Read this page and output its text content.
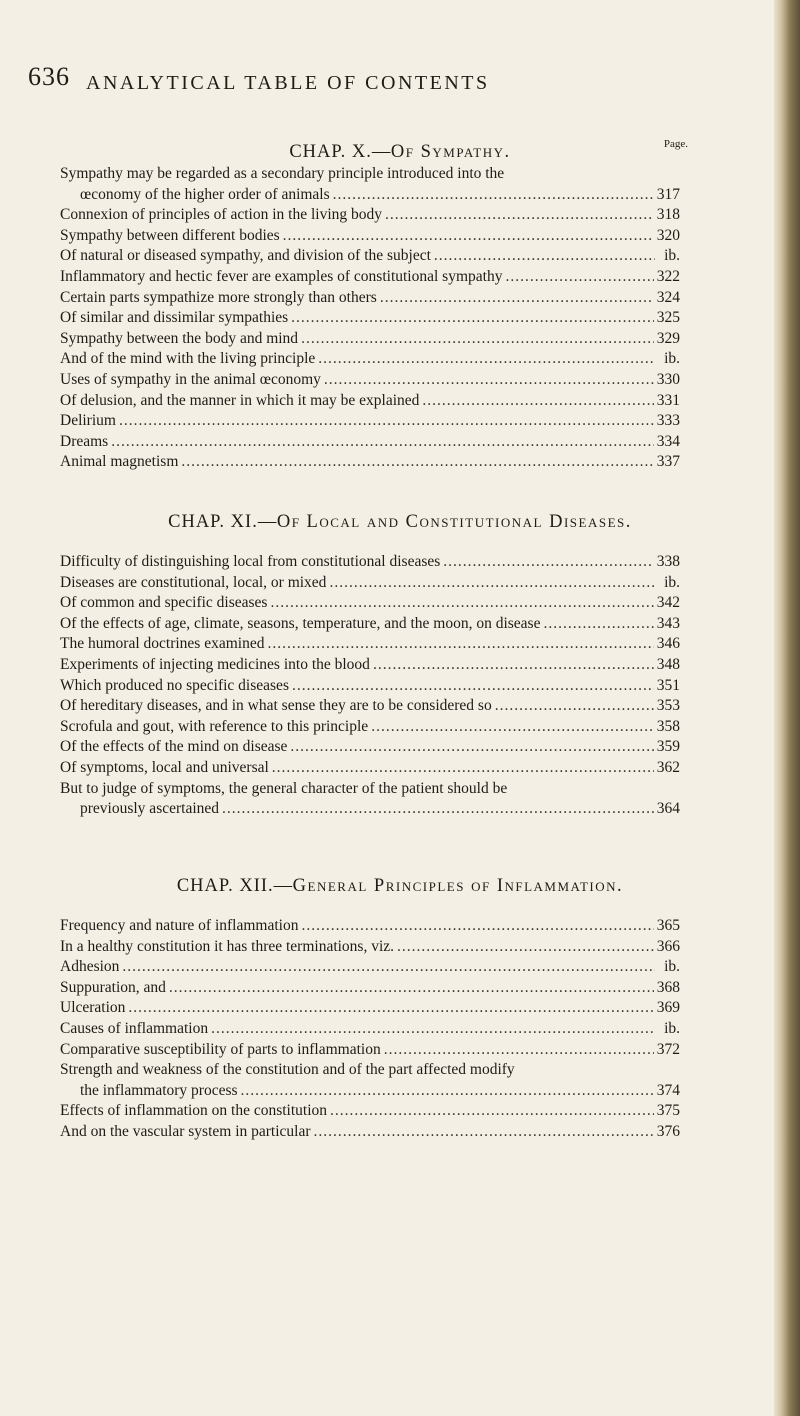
636 ANALYTICAL TABLE OF CONTENTS
CHAP. X.—Of Sympathy.	Page.
Sympathy may be regarded as a secondary principle introduced into the
œconomy of the higher order of animals .....	317
Connexion of principles of action in the living body .....	318
Sympathy between different bodies .....	320
Of natural or diseased sympathy, and division of the subject .....	ib.
Inflammatory and hectic fever are examples of constitutional sympathy .....	322
Certain parts sympathize more strongly than others .....	324
Of similar and dissimilar sympathies .....	325
Sympathy between the body and mind .....	329
And of the mind with the living principle .....	ib.
Uses of sympathy in the animal œconomy .....	330
Of delusion, and the manner in which it may be explained .....	331
Delirium .....	333
Dreams .....	334
Animal magnetism .....	337
CHAP. XI.—Of Local and Constitutional Diseases.
Difficulty of distinguishing local from constitutional diseases .....	338
Diseases are constitutional, local, or mixed .....	ib.
Of common and specific diseases .....	342
Of the effects of age, climate, seasons, temperature, and the moon, on disease .....	343
The humoral doctrines examined .....	346
Experiments of injecting medicines into the blood .....	348
Which produced no specific diseases .....	351
Of hereditary diseases, and in what sense they are to be considered so .....	353
Scrofula and gout, with reference to this principle .....	358
Of the effects of the mind on disease .....	359
Of symptoms, local and universal .....	362
But to judge of symptoms, the general character of the patient should be
previously ascertained .....	364
CHAP. XII.—General Principles of Inflammation.
Frequency and nature of inflammation .....	365
In a healthy constitution it has three terminations, viz. .....	366
Adhesion .....	ib.
Suppuration, and .....	368
Ulceration .....	369
Causes of inflammation .....	ib.
Comparative susceptibility of parts to inflammation .....	372
Strength and weakness of the constitution and of the part affected modify
the inflammatory process .....	374
Effects of inflammation on the constitution .....	375
And on the vascular system in particular .....	376
